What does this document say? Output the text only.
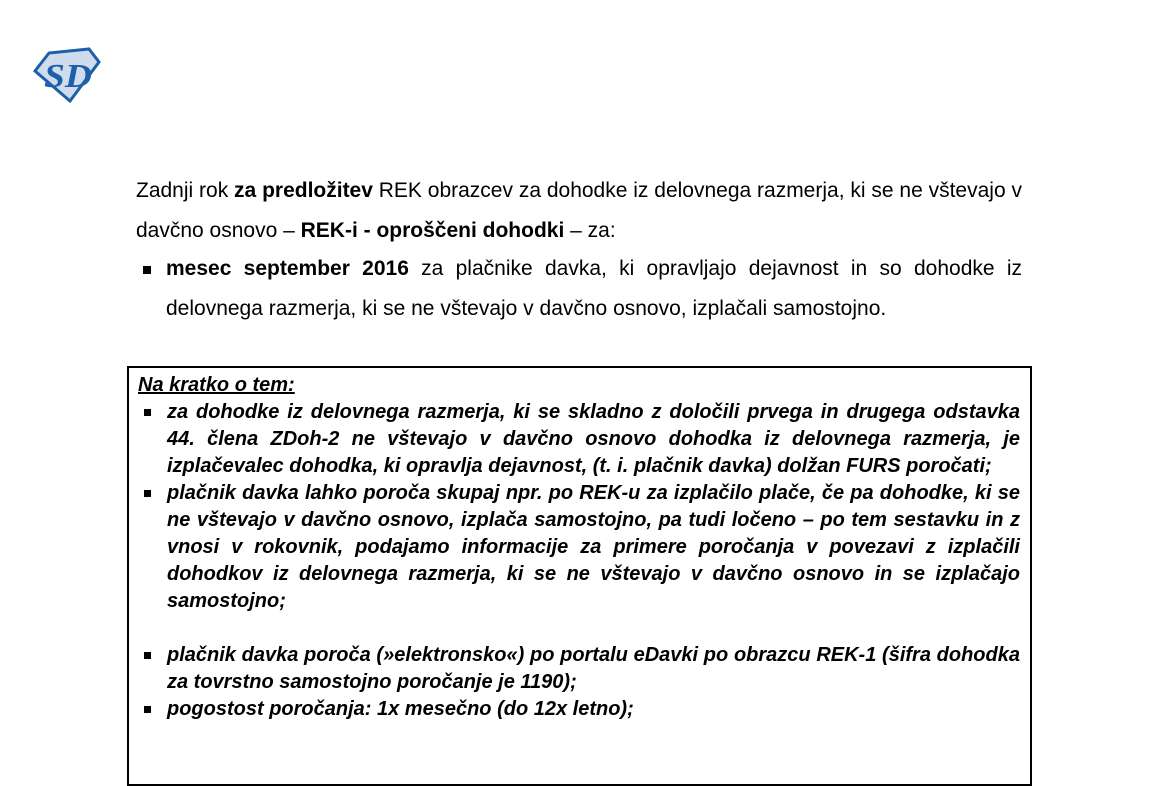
SD

Zadnji rok za predložitev REK obrazcev za dohodke iz delovnega razmerja, ki se ne vštevajo v davčno osnovo – REK-i - oproščeni dohodki – za:

mesec september 2016 za plačnike davka, ki opravljajo dejavnost in so dohodke iz delovnega razmerja, ki se ne vštevajo v davčno osnovo, izplačali samostojno.
Na kratko o tem:
za dohodke iz delovnega razmerja, ki se skladno z določili prvega in drugega odstavka 44. člena ZDoh-2 ne vštevajo v davčno osnovo dohodka iz delovnega razmerja, je izplačevalec dohodka, ki opravlja dejavnost, (t. i. plačnik davka) dolžan FURS poročati;
plačnik davka lahko poroča skupaj npr. po REK-u za izplačilo plače, če pa dohodke, ki se ne vštevajo v davčno osnovo, izplača samostojno, pa tudi ločeno – po tem sestavku in z vnosi v rokovnik, podajamo informacije za primere poročanja v povezavi z izplačili dohodkov iz delovnega razmerja, ki se ne vštevajo v davčno osnovo in se izplačajo samostojno;
plačnik davka poroča (»elektronsko«) po portalu eDavki po obrazcu REK-1 (šifra dohodka za tovrstno samostojno poročanje je 1190);
pogostost poročanja: 1x mesečno (do 12x letno);
